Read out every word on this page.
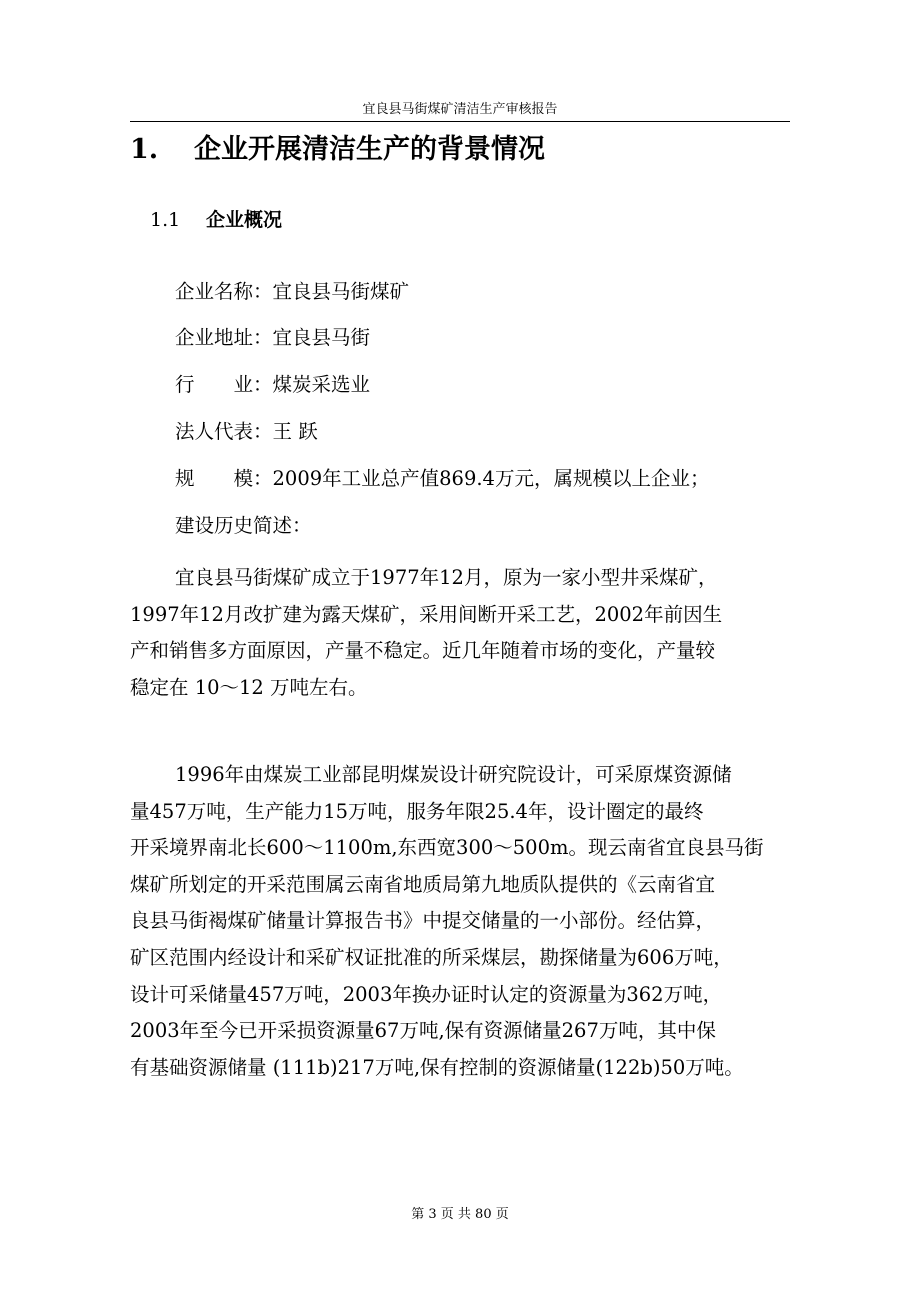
宜良县马街煤矿清洁生产审核报告
1. 企业开展清洁生产的背景情况
1.1 企业概况
企业名称：宜良县马街煤矿
企业地址：宜良县马街
行　　业：煤炭采选业
法人代表：王 跃
规　　模：2009年工业总产值869.4万元，属规模以上企业；
建设历史简述：
宜良县马街煤矿成立于1977年12月，原为一家小型井采煤矿，
1997年12月改扩建为露天煤矿，采用间断开采工艺，2002年前因生
产和销售多方面原因，产量不稳定。近几年随着市场的变化，产量较
稳定在 10～12 万吨左右。
1996年由煤炭工业部昆明煤炭设计研究院设计，可采原煤资源储
量457万吨，生产能力15万吨，服务年限25.4年，设计圈定的最终
开采境界南北长600～1100m,东西宽300～500m。现云南省宜良县马街
煤矿所划定的开采范围属云南省地质局第九地质队提供的《云南省宜
良县马街褐煤矿储量计算报告书》中提交储量的一小部份。经估算，
矿区范围内经设计和采矿权证批准的所采煤层，勘探储量为606万吨，
设计可采储量457万吨，2003年换办证时认定的资源量为362万吨，
2003年至今已开采损资源量67万吨,保有资源储量267万吨，其中保
有基础资源储量 (111b)217万吨,保有控制的资源储量(122b)50万吨。
第 3 页 共 80 页
